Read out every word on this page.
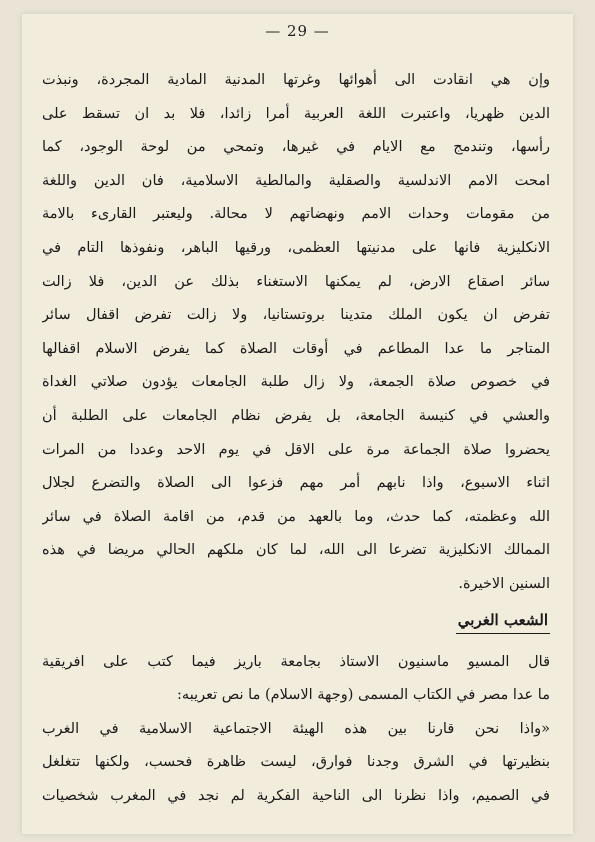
— 29 —
وإن هي انقادت الى أهوائها وغرتها المدنية المادية المجردة، ونبذت
الدين ظهريا، واعتبرت اللغة العربية أمرا زائدا، فلا بد ان تسقط على
رأسها، وتندمج مع الايام في غيرها، وتمحي من لوحة الوجود، كما
امحت الامم الاندلسية والصقلية والمالطية الاسلامية، فان الدين واللغة
من مقومات وحدات الامم ونهضاتهم لا محالة. وليعتبر القارىء بالامة
الانكليزية فانها على مدنيتها العظمى، ورقيها الباهر، ونفوذها التام في
سائر اصقاع الارض، لم يمكنها الاستغناء بذلك عن الدين، فلا زالت
تفرض ان يكون الملك متدينا بروتستانيا، ولا زالت تفرض اقفال سائر
المتاجر ما عدا المطاعم في أوقات الصلاة كما يفرض الاسلام اقفالها
في خصوص صلاة الجمعة، ولا زال طلبة الجامعات يؤدون صلاتي الغداة
والعشي في كنيسة الجامعة، بل يفرض نظام الجامعات على الطلبة أن
يحضروا صلاة الجماعة مرة على الاقل في يوم الاحد وعددا من المرات
اثناء الاسبوع، واذا نابهم أمر مهم فزعوا الى الصلاة والتضرع لجلال
الله وعظمته، كما حدث، وما بالعهد من قدم، من اقامة الصلاة في سائر
الممالك الانكليزية تضرعا الى الله، لما كان ملكهم الحالي مريضا في هذه
السنين الاخيرة.
الشعب الغربي
قال المسيو ماسنيون الاستاذ بجامعة باريز فيما كتب على افريقية
ما عدا مصر في الكتاب المسمى (وجهة الاسلام) ما نص تعريبه:
«واذا نحن قارنا بين هذه الهيئة الاجتماعية الاسلامية في الغرب
بنظيرتها في الشرق وجدنا فوارق، ليست ظاهرة فحسب، ولكنها تتغلغل
في الصميم، واذا نظرنا الى الناحية الفكرية لم نجد في المغرب شخصيات
